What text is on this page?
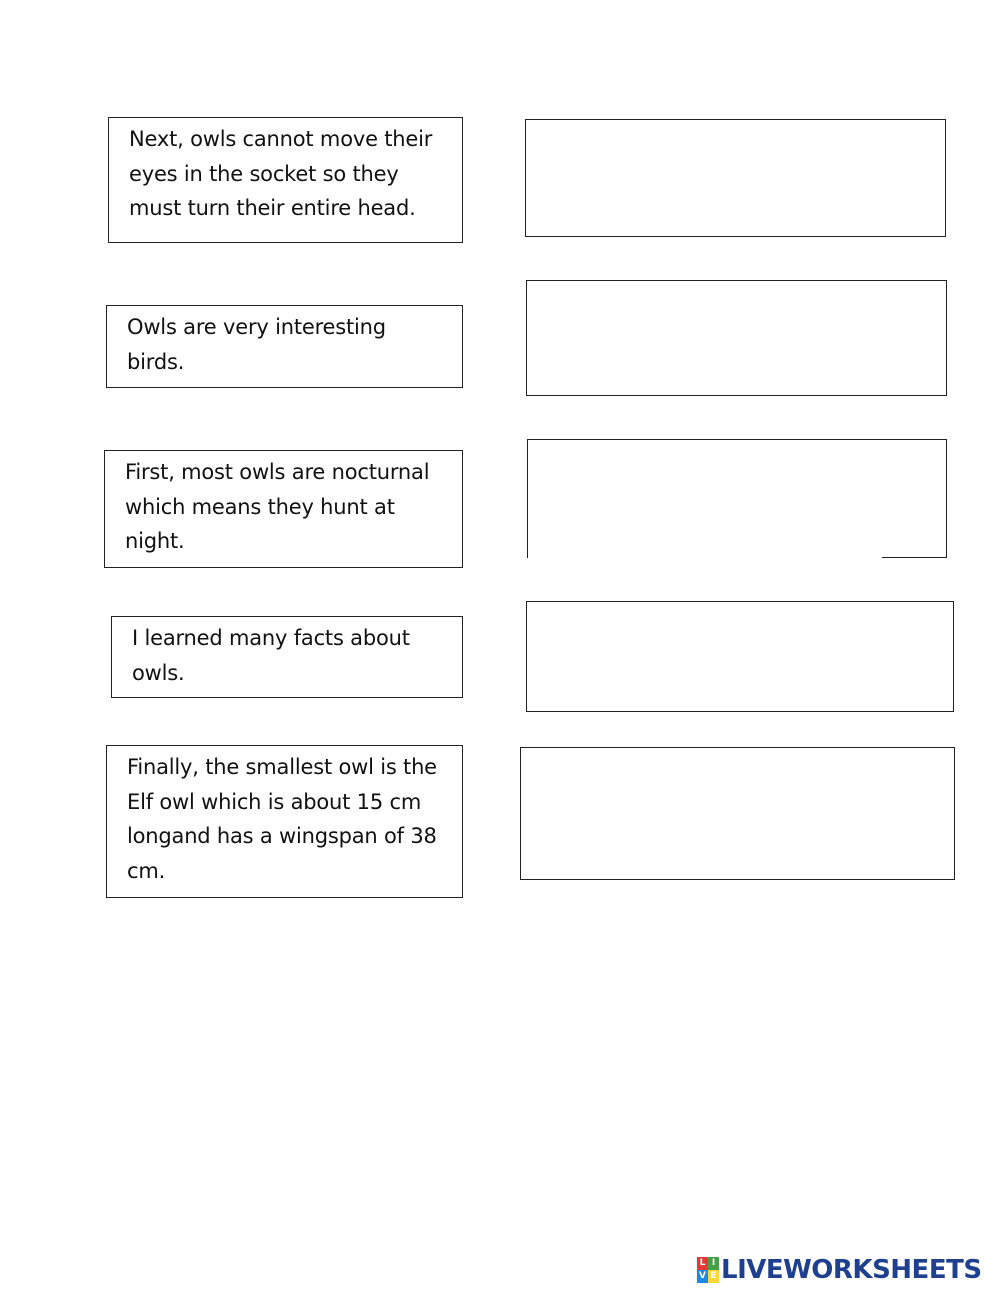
Next, owls cannot move their eyes in the socket so they must turn their entire head.
Owls are very interesting birds.
First, most owls are nocturnal which means they hunt at night.
I learned many facts about owls.
Finally, the smallest owl is the Elf owl which is about 15 cm longand has a wingspan of 38 cm.
L I
V E LIVEWORKSHEETS
